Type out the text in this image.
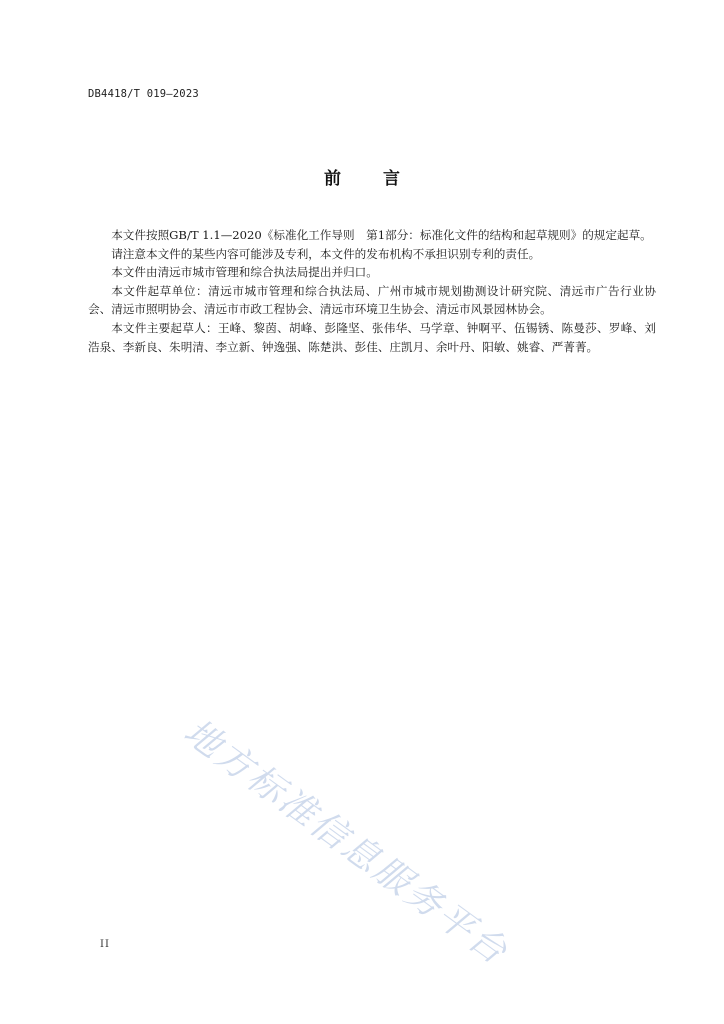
DB4418/T 019—2023
前言

本文件按照GB/T 1.1—2020《标准化工作导则　第1部分：标准化文件的结构和起草规则》的规定起草。

请注意本文件的某些内容可能涉及专利，本文件的发布机构不承担识别专利的责任。

本文件由清远市城市管理和综合执法局提出并归口。

本文件起草单位：清远市城市管理和综合执法局、广州市城市规划勘测设计研究院、清远市广告行业协会、清远市照明协会、清远市市政工程协会、清远市环境卫生协会、清远市风景园林协会。

本文件主要起草人：王峰、黎茵、胡峰、彭隆坚、张伟华、马学章、钟啊平、伍锡锈、陈曼莎、罗峰、刘浩泉、李新良、朱明清、李立新、钟逸强、陈楚洪、彭佳、庄凯月、余叶丹、阳敏、姚睿、严菁菁。

地方标准信息服务平台
II
